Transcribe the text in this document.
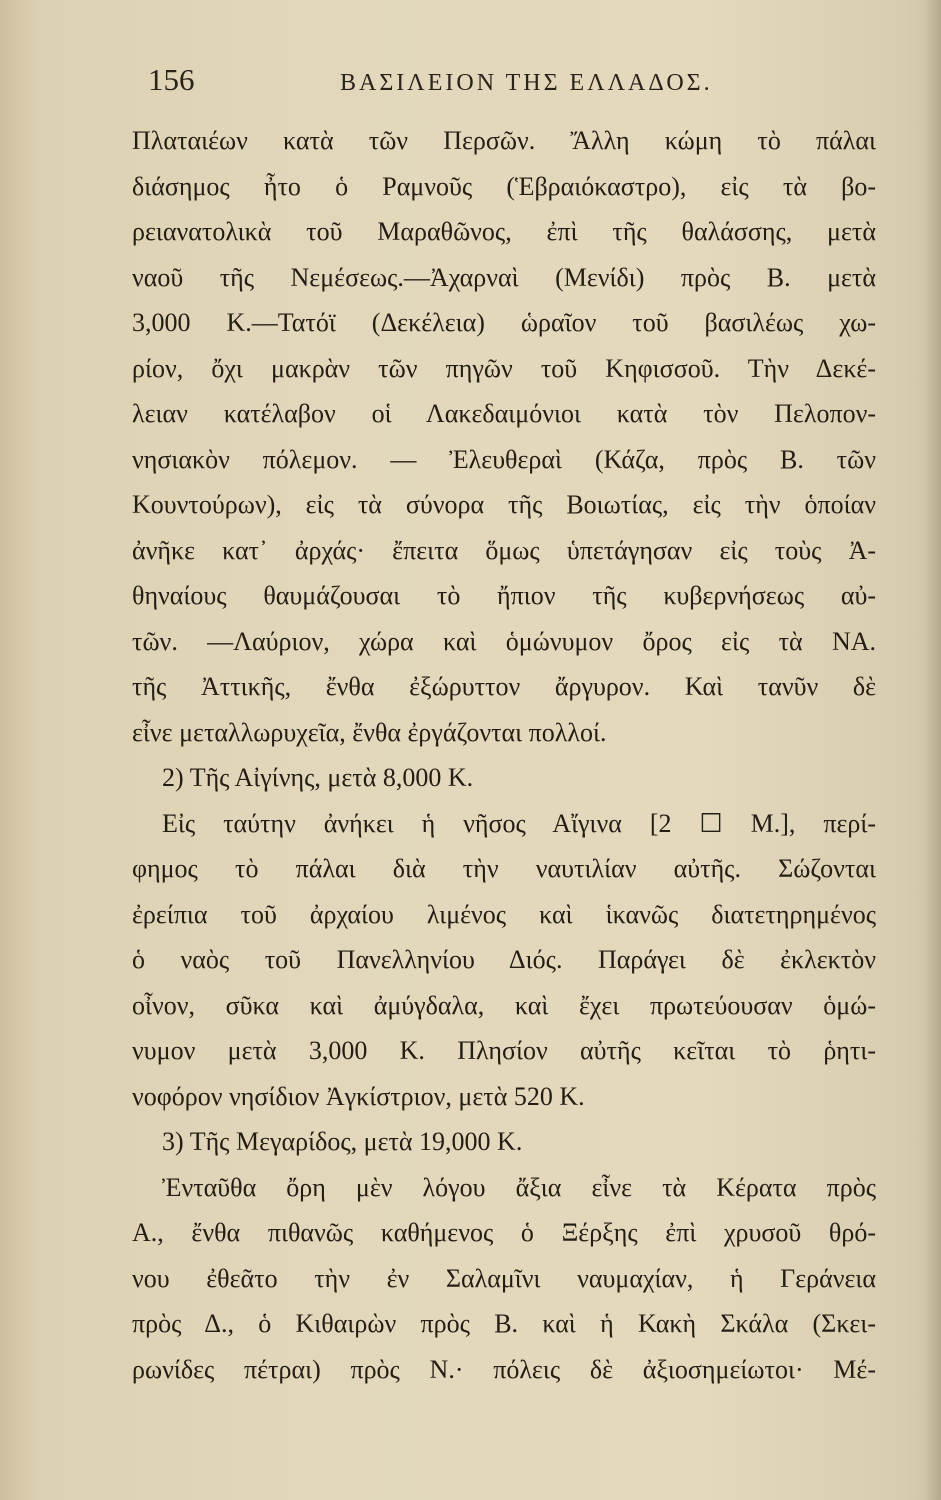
156	ΒΑΣΙΛΕΙΟΝ ΤΗΣ ΕΛΛΑΔΟΣ.
Πλαταιέων κατὰ τῶν Περσῶν. Ἄλλη κώμη τὸ πάλαι
διάσημος ἦτο ὁ Ραμνοῦς (Ἑβραιόκαστρο), εἰς τὰ βο-
ρειανατολικὰ τοῦ Μαραθῶνος, ἐπὶ τῆς θαλάσσης, μετὰ
ναοῦ τῆς Νεμέσεως.—Ἀχαρναὶ (Μενίδι) πρὸς Β. μετὰ
3,000 Κ.—Τατόϊ (Δεκέλεια) ὡραῖον τοῦ βασιλέως χω-
ρίον, ὄχι μακρὰν τῶν πηγῶν τοῦ Κηφισσοῦ. Τὴν Δεκέ-
λειαν κατέλαβον οἱ Λακεδαιμόνιοι κατὰ τὸν Πελοπον-
νησιακὸν πόλεμον. — Ἐλευθεραὶ (Κάζα, πρὸς Β. τῶν
Κουντούρων), εἰς τὰ σύνορα τῆς Βοιωτίας, εἰς τὴν ὁποίαν
ἀνῆκε κατ᾽ ἀρχάς· ἔπειτα ὅμως ὑπετάγησαν εἰς τοὺς Ἀ-
θηναίους θαυμάζουσαι τὸ ἤπιον τῆς κυβερνήσεως αὐ-
τῶν. —Λαύριον, χώρα καὶ ὁμώνυμον ὄρος εἰς τὰ ΝΑ.
τῆς Ἀττικῆς, ἔνθα ἐξώρυττον ἄργυρον. Καὶ τανῦν δὲ
εἶνε μεταλλωρυχεῖα, ἔνθα ἐργάζονται πολλοί.
2) Τῆς Αἰγίνης, μετὰ 8,000 Κ.
Εἰς ταύτην ἀνήκει ἡ νῆσος Αἴγινα [2 ☐ Μ.], περί-
φημος τὸ πάλαι διὰ τὴν ναυτιλίαν αὐτῆς. Σώζονται
ἐρείπια τοῦ ἀρχαίου λιμένος καὶ ἱκανῶς διατετηρημένος
ὁ ναὸς τοῦ Πανελληνίου Διός. Παράγει δὲ ἐκλεκτὸν
οἶνον, σῦκα καὶ ἀμύγδαλα, καὶ ἔχει πρωτεύουσαν ὁμώ-
νυμον μετὰ 3,000 Κ. Πλησίον αὐτῆς κεῖται τὸ ῥητι-
νοφόρον νησίδιον Ἀγκίστριον, μετὰ 520 Κ.
3) Τῆς Μεγαρίδος, μετὰ 19,000 Κ.
Ἐνταῦθα ὄρη μὲν λόγου ἄξια εἶνε τὰ Κέρατα πρὸς
Α., ἔνθα πιθανῶς καθήμενος ὁ Ξέρξης ἐπὶ χρυσοῦ θρό-
νου ἐθεᾶτο τὴν ἐν Σαλαμῖνι ναυμαχίαν, ἡ Γεράνεια
πρὸς Δ., ὁ Κιθαιρὼν πρὸς Β. καὶ ἡ Κακὴ Σκάλα (Σκει-
ρωνίδες πέτραι) πρὸς Ν.· πόλεις δὲ ἀξιοσημείωτοι· Μέ-
